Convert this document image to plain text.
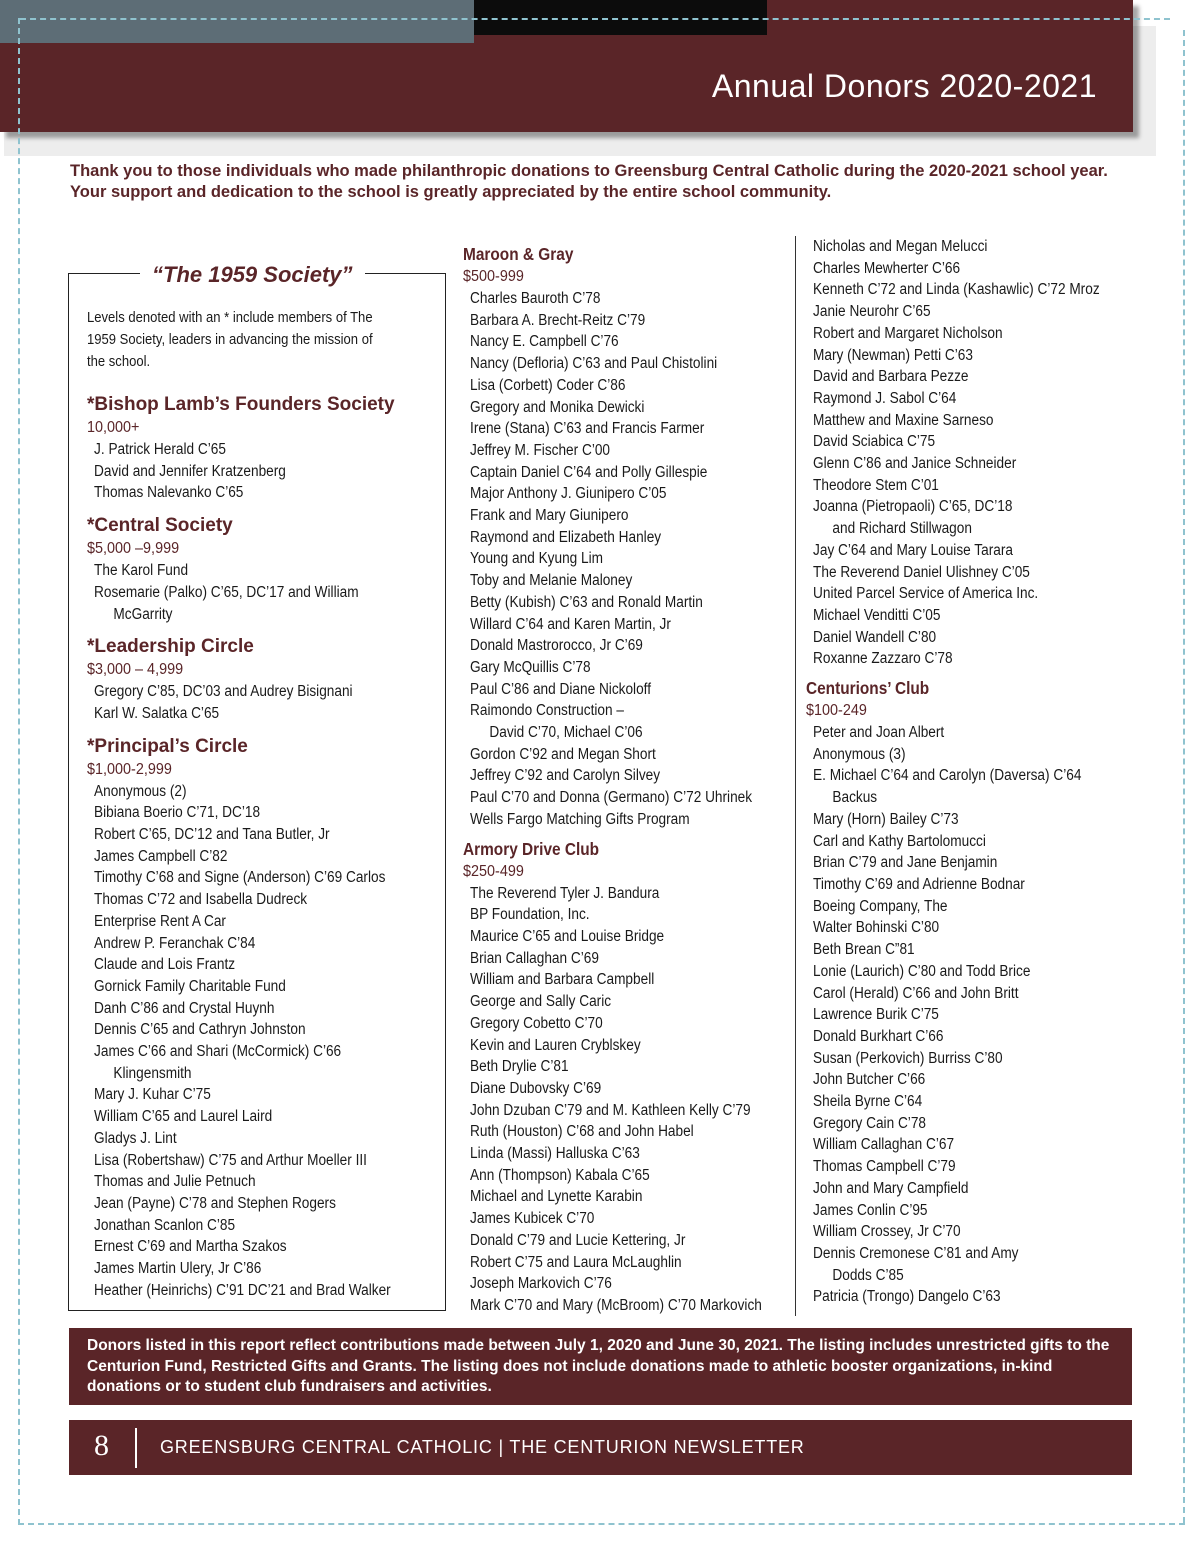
Annual Donors 2020-2021

Thank you to those individuals who made philanthropic donations to Greensburg Central Catholic during the 2020-2021 school year. Your support and dedication to the school is greatly appreciated by the entire school community.

“The 1959 Society”
Levels denoted with an * include members of The
1959 Society, leaders in advancing the mission of
the school.
*Bishop Lamb’s Founders Society
10,000+
J. Patrick Herald C’65
David and Jennifer Kratzenberg
Thomas Nalevanko C’65
*Central Society
$5,000 –9,999
The Karol Fund
Rosemarie (Palko) C’65, DC’17 and William
McGarrity
*Leadership Circle
$3,000 – 4,999
Gregory C’85, DC’03 and Audrey Bisignani
Karl W. Salatka C’65
*Principal’s Circle
$1,000-2,999
Anonymous (2)
Bibiana Boerio C’71, DC’18
Robert C’65, DC’12 and Tana Butler, Jr
James Campbell C’82
Timothy C’68 and Signe (Anderson) C’69 Carlos
Thomas C’72 and Isabella Dudreck
Enterprise Rent A Car
Andrew P. Feranchak C’84
Claude and Lois Frantz
Gornick Family Charitable Fund
Danh C’86 and Crystal Huynh
Dennis C’65 and Cathryn Johnston
James C’66 and Shari (McCormick) C’66
Klingensmith
Mary J. Kuhar C’75
William C’65 and Laurel Laird
Gladys J. Lint
Lisa (Robertshaw) C’75 and Arthur Moeller III
Thomas and Julie Petnuch
Jean (Payne) C’78 and Stephen Rogers
Jonathan Scanlon C’85
Ernest C’69 and Martha Szakos
James Martin Ulery, Jr C’86
Heather (Heinrichs) C’91 DC’21 and Brad Walker
Maroon & Gray
$500-999
Charles Bauroth C’78
Barbara A. Brecht-Reitz C’79
Nancy E. Campbell C’76
Nancy (Defloria) C’63 and Paul Chistolini
Lisa (Corbett) Coder C’86
Gregory and Monika Dewicki
Irene (Stana) C’63 and Francis Farmer
Jeffrey M. Fischer C’00
Captain Daniel C’64 and Polly Gillespie
Major Anthony J. Giunipero C’05
Frank and Mary Giunipero
Raymond and Elizabeth Hanley
Young and Kyung Lim
Toby and Melanie Maloney
Betty (Kubish) C’63 and Ronald Martin
Willard C’64 and Karen Martin, Jr
Donald Mastrorocco, Jr C’69
Gary McQuillis C’78
Paul C’86 and Diane Nickoloff
Raimondo Construction –
David C’70, Michael C’06
Gordon C’92 and Megan Short
Jeffrey C’92 and Carolyn Silvey
Paul C’70 and Donna (Germano) C’72 Uhrinek
Wells Fargo Matching Gifts Program
Armory Drive Club
$250-499
The Reverend Tyler J. Bandura
BP Foundation, Inc.
Maurice C’65 and Louise Bridge
Brian Callaghan C’69
William and Barbara Campbell
George and Sally Caric
Gregory Cobetto C’70
Kevin and Lauren Cryblskey
Beth Drylie C’81
Diane Dubovsky C’69
John Dzuban C’79 and M. Kathleen Kelly C’79
Ruth (Houston) C’68 and John Habel
Linda (Massi) Halluska C’63
Ann (Thompson) Kabala C’65
Michael and Lynette Karabin
James Kubicek C’70
Donald C’79 and Lucie Kettering, Jr
Robert C’75 and Laura McLaughlin
Joseph Markovich C’76
Mark C’70 and Mary (McBroom) C’70 Markovich
Nicholas and Megan Melucci
Charles Mewherter C’66
Kenneth C’72 and Linda (Kashawlic) C’72 Mroz
Janie Neurohr C’65
Robert and Margaret Nicholson
Mary (Newman) Petti C’63
David and Barbara Pezze
Raymond J. Sabol C’64
Matthew and Maxine Sarneso
David Sciabica C’75
Glenn C’86 and Janice Schneider
Theodore Stem C’01
Joanna (Pietropaoli) C’65, DC’18
and Richard Stillwagon
Jay C’64 and Mary Louise Tarara
The Reverend Daniel Ulishney C’05
United Parcel Service of America Inc.
Michael Venditti C’05
Daniel Wandell C’80
Roxanne Zazzaro C’78
Centurions’ Club
$100-249
Peter and Joan Albert
Anonymous (3)
E. Michael C’64 and Carolyn (Daversa) C’64
Backus
Mary (Horn) Bailey C’73
Carl and Kathy Bartolomucci
Brian C’79 and Jane Benjamin
Timothy C’69 and Adrienne Bodnar
Boeing Company, The
Walter Bohinski C’80
Beth Brean C”81
Lonie (Laurich) C’80 and Todd Brice
Carol (Herald) C’66 and John Britt
Lawrence Burik C’75
Donald Burkhart C’66
Susan (Perkovich) Burriss C’80
John Butcher C’66
Sheila Byrne C’64
Gregory Cain C’78
William Callaghan C’67
Thomas Campbell C’79
John and Mary Campfield
James Conlin C’95
William Crossey, Jr C’70
Dennis Cremonese C’81 and Amy
Dodds C’85
Patricia (Trongo) Dangelo C’63
Donors listed in this report reflect contributions made between July 1, 2020 and June 30, 2021. The listing includes unrestricted gifts to the Centurion Fund, Restricted Gifts and Grants. The listing does not include donations made to athletic booster organizations, in-kind donations or to student club fundraisers and activities.
8	GREENSBURG CENTRAL CATHOLIC | THE CENTURION NEWSLETTER
